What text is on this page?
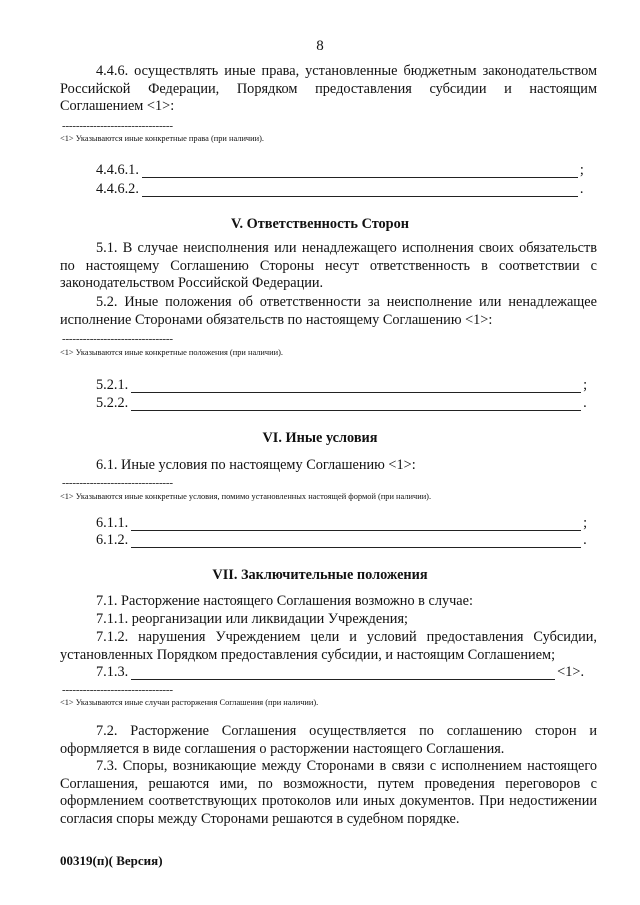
8
4.4.6. осуществлять иные права, установленные бюджетным законодательством Российской Федерации, Порядком предоставления субсидии и настоящим Соглашением <1>:
--------------------------------
<1> Указываются иные конкретные права (при наличии).
4.4.6.1.	;
4.4.6.2.	.
V. Ответственность Сторон
5.1. В случае неисполнения или ненадлежащего исполнения своих обязательств по настоящему Соглашению Стороны несут ответственность в соответствии с законодательством Российской Федерации.
5.2. Иные положения об ответственности за неисполнение или ненадлежащее исполнение Сторонами обязательств по настоящему Соглашению <1>:
--------------------------------
<1> Указываются иные конкретные положения (при наличии).
5.2.1.	;
5.2.2.	.
VI. Иные условия
6.1. Иные условия по настоящему Соглашению <1>:
--------------------------------
<1> Указываются иные конкретные условия, помимо установленных настоящей формой (при наличии).
6.1.1.	;
6.1.2.	.
VII. Заключительные положения
7.1. Расторжение настоящего Соглашения возможно в случае:
7.1.1. реорганизации или ликвидации Учреждения;
7.1.2. нарушения Учреждением цели и условий предоставления Субсидии, установленных Порядком предоставления субсидии, и настоящим Соглашением;
7.1.3.	<1>.
--------------------------------
<1> Указываются иные случаи расторжения Соглашения (при наличии).
7.2. Расторжение Соглашения осуществляется по соглашению сторон и оформляется в виде соглашения о расторжении настоящего Соглашения.
7.3. Споры, возникающие между Сторонами в связи с исполнением настоящего Соглашения, решаются ими, по возможности, путем проведения переговоров с оформлением соответствующих протоколов или иных документов. При недостижении согласия споры между Сторонами решаются в судебном порядке.
00319(п)( Версия)
